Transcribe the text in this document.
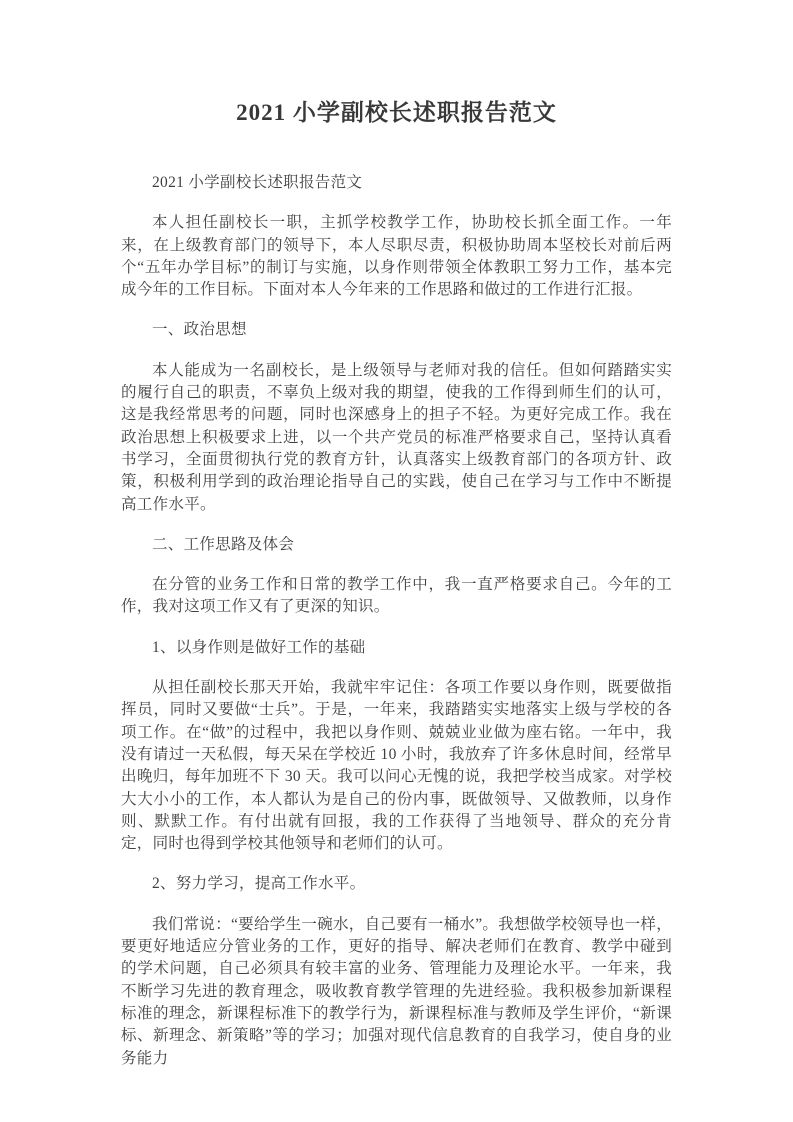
2021 小学副校长述职报告范文

2021 小学副校长述职报告范文

本人担任副校长一职，主抓学校教学工作，协助校长抓全面工作。一年来，在上级教育部门的领导下，本人尽职尽责，积极协助周本坚校长对前后两个“五年办学目标”的制订与实施，以身作则带领全体教职工努力工作，基本完成今年的工作目标。下面对本人今年来的工作思路和做过的工作进行汇报。

一、政治思想

本人能成为一名副校长，是上级领导与老师对我的信任。但如何踏踏实实的履行自己的职责，不辜负上级对我的期望，使我的工作得到师生们的认可，这是我经常思考的问题，同时也深感身上的担子不轻。为更好完成工作。我在政治思想上积极要求上进，以一个共产党员的标准严格要求自己，坚持认真看书学习，全面贯彻执行党的教育方针，认真落实上级教育部门的各项方针、政策，积极利用学到的政治理论指导自己的实践，使自己在学习与工作中不断提高工作水平。

二、工作思路及体会

在分管的业务工作和日常的教学工作中，我一直严格要求自己。今年的工作，我对这项工作又有了更深的知识。

1、以身作则是做好工作的基础

从担任副校长那天开始，我就牢牢记住：各项工作要以身作则，既要做指挥员，同时又要做“士兵”。于是，一年来，我踏踏实实地落实上级与学校的各项工作。在“做”的过程中，我把以身作则、兢兢业业做为座右铭。一年中，我没有请过一天私假，每天呆在学校近 10 小时，我放弃了许多休息时间，经常早出晚归，每年加班不下 30 天。我可以问心无愧的说，我把学校当成家。对学校大大小小的工作，本人都认为是自己的份内事，既做领导、又做教师，以身作则、默默工作。有付出就有回报，我的工作获得了当地领导、群众的充分肯定，同时也得到学校其他领导和老师们的认可。

2、努力学习，提高工作水平。

我们常说：“要给学生一碗水，自己要有一桶水”。我想做学校领导也一样，要更好地适应分管业务的工作，更好的指导、解决老师们在教育、教学中碰到的学术问题，自己必须具有较丰富的业务、管理能力及理论水平。一年来，我不断学习先进的教育理念，吸收教育教学管理的先进经验。我积极参加新课程标准的理念，新课程标准下的教学行为，新课程标准与教师及学生评价，“新课标、新理念、新策略”等的学习；加强对现代信息教育的自我学习，使自身的业务能力
